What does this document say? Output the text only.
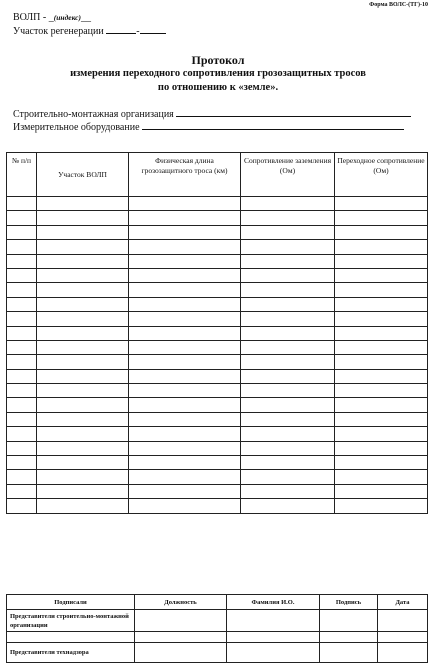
Форма ВОЛС-(ТГ)-10
ВОЛП - _(индекс)__
Участок регенерации	-
Протокол
измерения переходного сопротивления грозозащитных тросов
по отношению к «земле».
Строительно-монтажная организация
Измерительное оборудование
№ п/п	Участок ВОЛП	Физическая длина грозозащитного троса (км)	Сопротивление заземления (Ом)	Переходное сопротивление (Ом)

Подписали	Должность	Фамилия И.О.	Подпись	Дата
Представители строительно-монтажной организации				

Представители технадзора				
